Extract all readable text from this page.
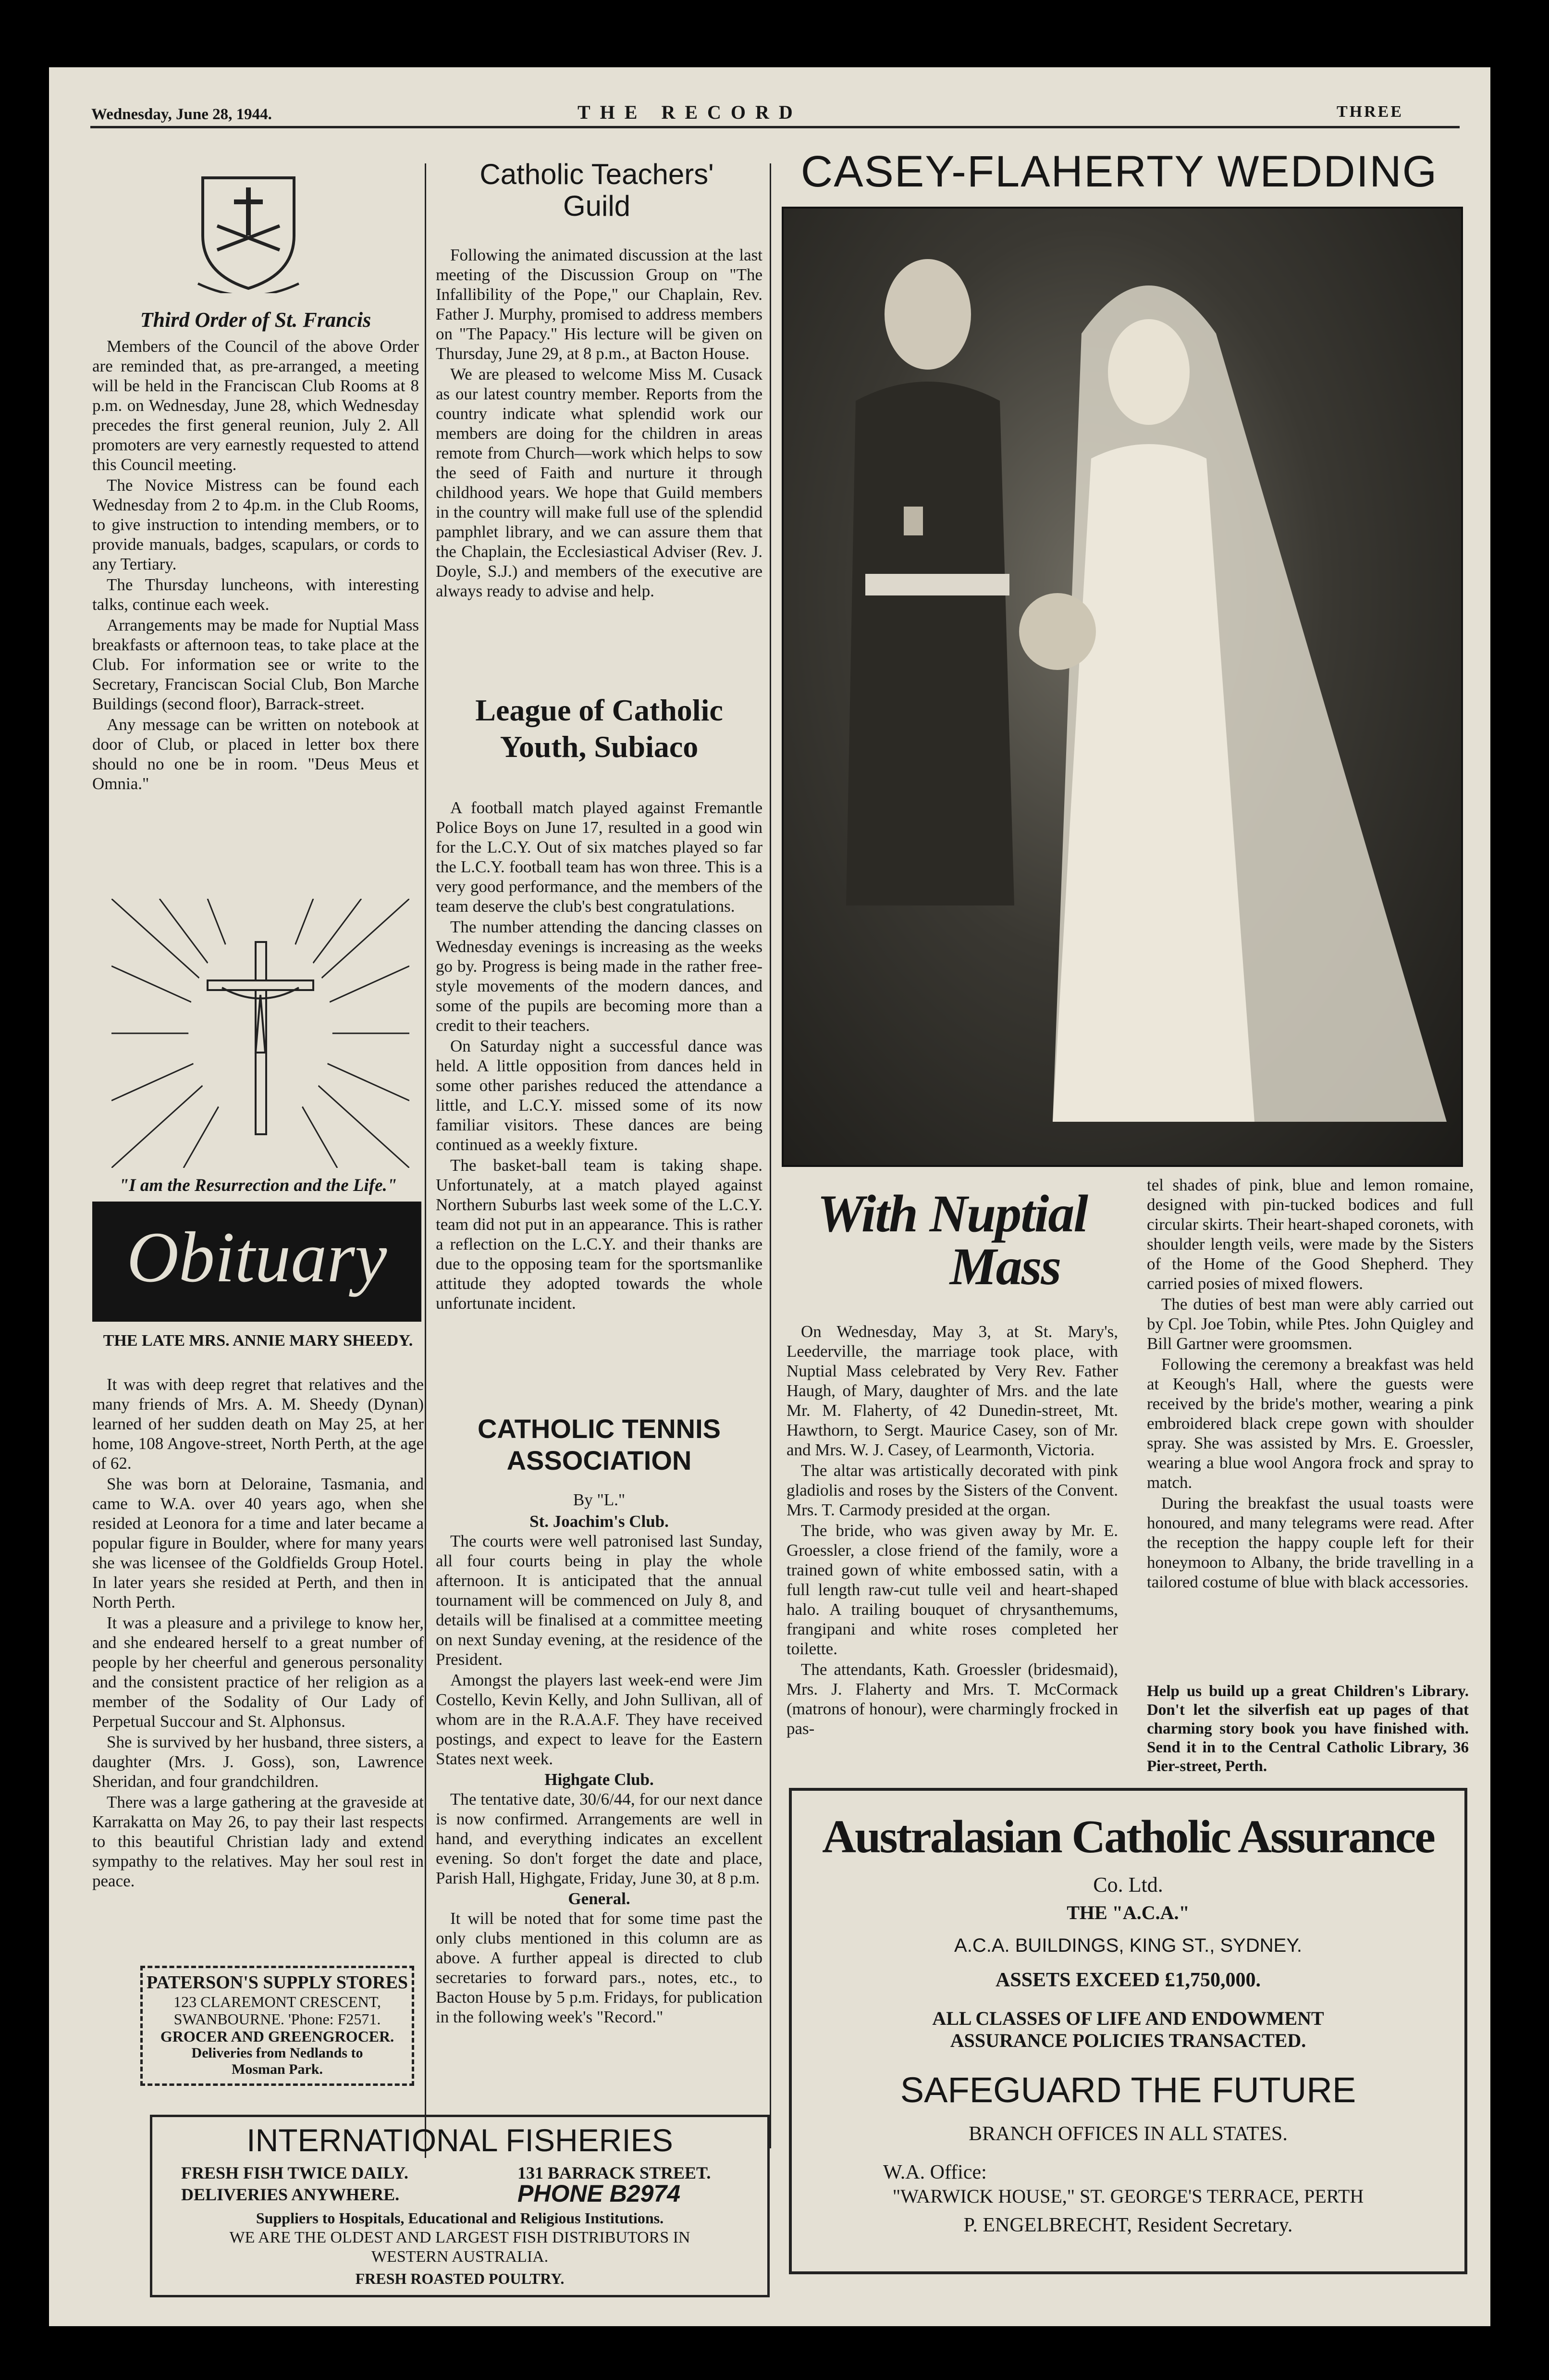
Wednesday, June 28, 1944.	THE RECORD	THREE
Third Order of St. Francis

Members of the Council of the above Order are reminded that, as pre-arranged, a meeting will be held in the Franciscan Club Rooms at 8 p.m. on Wednesday, June 28, which Wednesday precedes the first general reunion, July 2. All promoters are very earnestly requested to attend this Council meeting.

The Novice Mistress can be found each Wednesday from 2 to 4p.m. in the Club Rooms, to give instruction to intending members, or to provide manuals, badges, scapulars, or cords to any Tertiary.

The Thursday luncheons, with interesting talks, continue each week.

Arrangements may be made for Nuptial Mass breakfasts or afternoon teas, to take place at the Club. For information see or write to the Secretary, Franciscan Social Club, Bon Marche Buildings (second floor), Barrack-street.

Any message can be written on notebook at door of Club, or placed in letter box there should no one be in room. "Deus Meus et Omnia."

"I am the Resurrection and the Life."
Obituary
THE LATE MRS. ANNIE MARY SHEEDY.

It was with deep regret that relatives and the many friends of Mrs. A. M. Sheedy (Dynan) learned of her sudden death on May 25, at her home, 108 Angove-street, North Perth, at the age of 62.

She was born at Deloraine, Tasmania, and came to W.A. over 40 years ago, when she resided at Leonora for a time and later became a popular figure in Boulder, where for many years she was licensee of the Goldfields Group Hotel. In later years she resided at Perth, and then in North Perth.

It was a pleasure and a privilege to know her, and she endeared herself to a great number of people by her cheerful and generous personality and the consistent practice of her religion as a member of the Sodality of Our Lady of Perpetual Succour and St. Alphonsus.

She is survived by her husband, three sisters, a daughter (Mrs. J. Goss), son, Lawrence Sheridan, and four grandchildren.

There was a large gathering at the graveside at Karrakatta on May 26, to pay their last respects to this beautiful Christian lady and extend sympathy to the relatives. May her soul rest in peace.

PATERSON'S SUPPLY STORES
123 CLAREMONT CRESCENT,
SWANBOURNE. 'Phone: F2571.
GROCER AND GREENGROCER.
Deliveries from Nedlands to
Mosman Park.
Catholic Teachers'
Guild

Following the animated discussion at the last meeting of the Discussion Group on "The Infallibility of the Pope," our Chaplain, Rev. Father J. Murphy, promised to address members on "The Papacy." His lecture will be given on Thursday, June 29, at 8 p.m., at Bacton House.

We are pleased to welcome Miss M. Cusack as our latest country member. Reports from the country indicate what splendid work our members are doing for the children in areas remote from Church—work which helps to sow the seed of Faith and nurture it through childhood years. We hope that Guild members in the country will make full use of the splendid pamphlet library, and we can assure them that the Chaplain, the Ecclesiastical Adviser (Rev. J. Doyle, S.J.) and members of the executive are always ready to advise and help.

League of Catholic
Youth, Subiaco

A football match played against Fremantle Police Boys on June 17, resulted in a good win for the L.C.Y. Out of six matches played so far the L.C.Y. football team has won three. This is a very good performance, and the members of the team deserve the club's best congratulations.

The number attending the dancing classes on Wednesday evenings is increasing as the weeks go by. Progress is being made in the rather free-style movements of the modern dances, and some of the pupils are becoming more than a credit to their teachers.

On Saturday night a successful dance was held. A little opposition from dances held in some other parishes reduced the attendance a little, and L.C.Y. missed some of its now familiar visitors. These dances are being continued as a weekly fixture.

The basket-ball team is taking shape. Unfortunately, at a match played against Northern Suburbs last week some of the L.C.Y. team did not put in an appearance. This is rather a reflection on the L.C.Y. and their thanks are due to the opposing team for the sportsmanlike attitude they adopted towards the whole unfortunate incident.

CATHOLIC TENNIS
ASSOCIATION
By "L."
St. Joachim's Club.

The courts were well patronised last Sunday, all four courts being in play the whole afternoon. It is anticipated that the annual tournament will be commenced on July 8, and details will be finalised at a committee meeting on next Sunday evening, at the residence of the President.

Amongst the players last week-end were Jim Costello, Kevin Kelly, and John Sullivan, all of whom are in the R.A.A.F. They have received postings, and expect to leave for the Eastern States next week.

Highgate Club.

The tentative date, 30/6/44, for our next dance is now confirmed. Arrangements are well in hand, and everything indicates an excellent evening. So don't forget the date and place, Parish Hall, Highgate, Friday, June 30, at 8 p.m.

General.

It will be noted that for some time past the only clubs mentioned in this column are as above. A further appeal is directed to club secretaries to forward pars., notes, etc., to Bacton House by 5 p.m. Fridays, for publication in the following week's "Record."

INTERNATIONAL FISHERIES
FRESH FISH TWICE DAILY.	131 BARRACK STREET.
DELIVERIES ANYWHERE.	PHONE B2974
Suppliers to Hospitals, Educational and Religious Institutions.
WE ARE THE OLDEST AND LARGEST FISH DISTRIBUTORS IN
WESTERN AUSTRALIA.
FRESH ROASTED POULTRY.
CASEY-FLAHERTY WEDDING
With Nuptial
Mass

On Wednesday, May 3, at St. Mary's, Leederville, the marriage took place, with Nuptial Mass celebrated by Very Rev. Father Haugh, of Mary, daughter of Mrs. and the late Mr. M. Flaherty, of 42 Dunedin-street, Mt. Hawthorn, to Sergt. Maurice Casey, son of Mr. and Mrs. W. J. Casey, of Learmonth, Victoria.

The altar was artistically decorated with pink gladiolis and roses by the Sisters of the Convent. Mrs. T. Carmody presided at the organ.

The bride, who was given away by Mr. E. Groessler, a close friend of the family, wore a trained gown of white embossed satin, with a full length raw-cut tulle veil and heart-shaped halo. A trailing bouquet of chrysanthemums, frangipani and white roses completed her toilette.

The attendants, Kath. Groessler (bridesmaid), Mrs. J. Flaherty and Mrs. T. McCormack (matrons of honour), were charmingly frocked in pas-

tel shades of pink, blue and lemon romaine, designed with pin-tucked bodices and full circular skirts. Their heart-shaped coronets, with shoulder length veils, were made by the Sisters of the Home of the Good Shepherd. They carried posies of mixed flowers.

The duties of best man were ably carried out by Cpl. Joe Tobin, while Ptes. John Quigley and Bill Gartner were groomsmen.

Following the ceremony a breakfast was held at Keough's Hall, where the guests were received by the bride's mother, wearing a pink embroidered black crepe gown with shoulder spray. She was assisted by Mrs. E. Groessler, wearing a blue wool Angora frock and spray to match.

During the breakfast the usual toasts were honoured, and many telegrams were read. After the reception the happy couple left for their honeymoon to Albany, the bride travelling in a tailored costume of blue with black accessories.

Help us build up a great Children's Library. Don't let the silverfish eat up pages of that charming story book you have finished with. Send it in to the Central Catholic Library, 36 Pier-street, Perth.
Australasian Catholic Assurance
Co. Ltd.
THE "A.C.A."
A.C.A. BUILDINGS, KING ST., SYDNEY.
ASSETS EXCEED £1,750,000.
ALL CLASSES OF LIFE AND ENDOWMENT
ASSURANCE POLICIES TRANSACTED.
SAFEGUARD THE FUTURE
BRANCH OFFICES IN ALL STATES.
W.A. Office:
"WARWICK HOUSE," ST. GEORGE'S TERRACE, PERTH
P. ENGELBRECHT, Resident Secretary.
